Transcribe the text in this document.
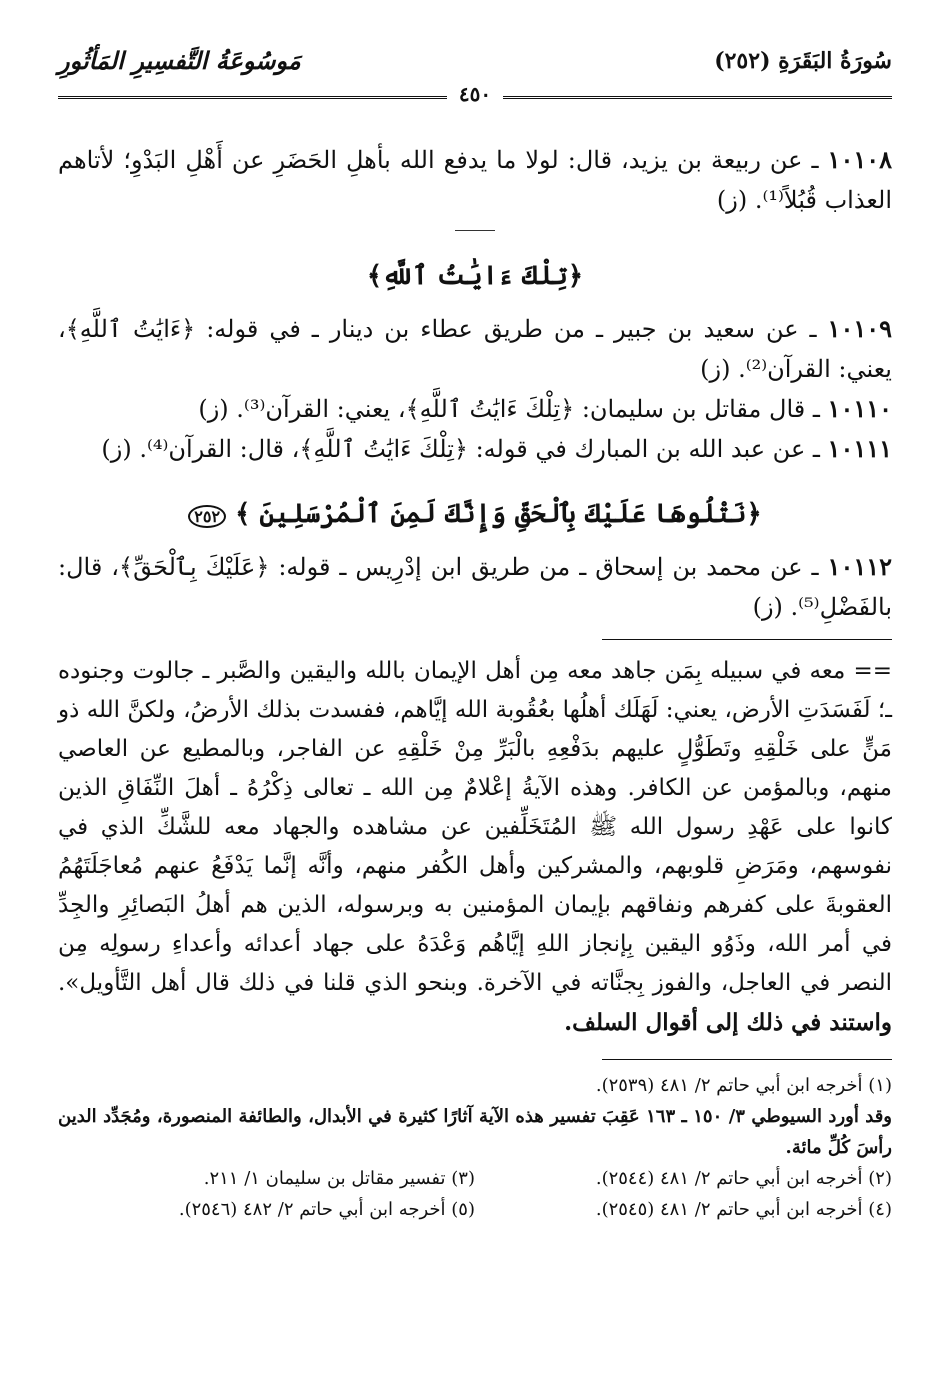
سُورَةُ البَقَرَةِ (٢٥٢)
مَوسُوعَةُ التَّفسِيرِ المَأثُورِ
٤٥٠

١٠١٠٨ ـ عن ربيعة بن يزيد، قال: لولا ما يدفع الله بأهلِ الحَضَرِ عن أَهْلِ البَدْوِ؛ لأتاهم العذاب قُبُلاً⁽¹⁾. (ز)

﴿تِلْكَ ءَايَٰتُ ٱللَّهِ﴾

١٠١٠٩ ـ عن سعيد بن جبير ـ من طريق عطاء بن دينار ـ في قوله: ﴿ءَايَٰتُ ٱللَّهِ﴾، يعني: القرآن⁽²⁾. (ز)

١٠١١٠ ـ قال مقاتل بن سليمان: ﴿تِلْكَ ءَايَٰتُ ٱللَّهِ﴾، يعني: القرآن⁽³⁾. (ز)

١٠١١١ ـ عن عبد الله بن المبارك في قوله: ﴿تِلْكَ ءَايَٰتُ ٱللَّهِ﴾، قال: القرآن⁽⁴⁾. (ز)

﴿نَتْلُوهَا عَلَيْكَ بِٱلْحَقِّ وَإِنَّكَ لَمِنَ ٱلْمُرْسَلِينَ ﴾ ٢٥٢

١٠١١٢ ـ عن محمد بن إسحاق ـ من طريق ابن إدْرِيس ـ قوله: ﴿عَلَيْكَ بِٱلْحَقِّ﴾، قال: بالفَضْلِ⁽⁵⁾. (ز)

== معه في سبيله بِمَن جاهد معه مِن أهل الإيمان بالله واليقين والصَّبر ـ جالوت وجنوده ـ؛ لَفَسَدَتِ الأرض، يعني: لَهَلَك أهلُها بعُقُوبة الله إيَّاهم، ففسدت بذلك الأرضُ، ولكنَّ الله ذو مَنٍّ على خَلْقِهِ وتَطَوُّلٍ عليهم بدَفْعِهِ بالْبَرِّ مِنْ خَلْقِهِ عن الفاجر، وبالمطيع عن العاصي منهم، وبالمؤمن عن الكافر. وهذه الآيةُ إعْلامٌ مِن الله ـ تعالى ذِكْرُهُ ـ أهلَ النِّفَاقِ الذين كانوا على عَهْدِ رسول الله ﷺ المُتَخَلِّفين عن مشاهده والجهاد معه للشَّكِّ الذي في نفوسهم، ومَرَضِ قلوبهم، والمشركين وأهل الكُفر منهم، وأنَّه إنَّما يَدْفَعُ عنهم مُعاجَلَتَهُمُ العقوبةَ على كفرهم ونفاقهم بإيمان المؤمنين به وبرسوله، الذين هم أهلُ البَصائِرِ والجِدِّ في أمر الله، وذَوُو اليقين بِإنجاز اللهِ إيَّاهُم وَعْدَهُ على جهاد أعدائه وأعداءِ رسولِه مِن النصر في العاجل، والفوز بِجنَّاته في الآخرة. وبنحو الذي قلنا في ذلك قال أهل التَّأويل». واستند في ذلك إلى أقوال السلف.

(١) أخرجه ابن أبي حاتم ٢/ ٤٨١ (٢٥٣٩).

وقد أورد السيوطي ٣/ ١٥٠ ـ ١٦٣ عَقِبَ تفسير هذه الآية آثارًا كثيرة في الأبدال، والطائفة المنصورة، ومُجَدِّد الدين رأسَ كُلِّ مائة.

(٢) أخرجه ابن أبي حاتم ٢/ ٤٨١ (٢٥٤٤).
(٣) تفسير مقاتل بن سليمان ١/ ٢١١.
(٤) أخرجه ابن أبي حاتم ٢/ ٤٨١ (٢٥٤٥).
(٥) أخرجه ابن أبي حاتم ٢/ ٤٨٢ (٢٥٤٦).
